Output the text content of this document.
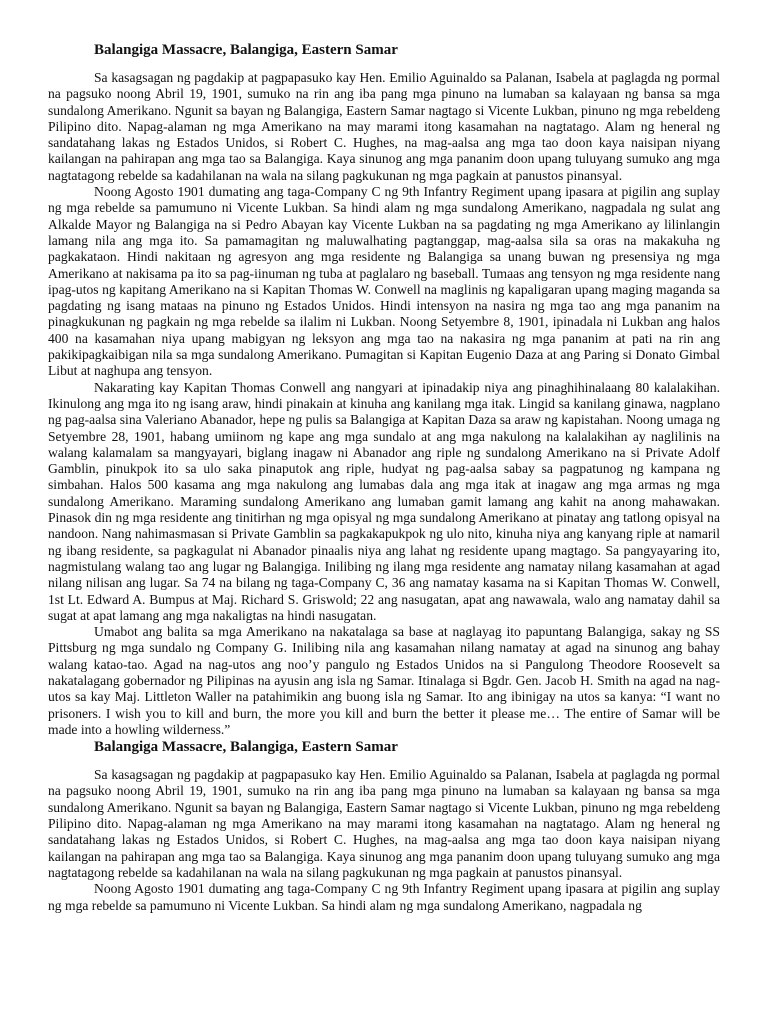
Balangiga Massacre, Balangiga, Eastern Samar

Sa kasagsagan ng pagdakip at pagpapasuko kay Hen. Emilio Aguinaldo sa Palanan, Isabela at paglagda ng pormal na pagsuko noong Abril 19, 1901, sumuko na rin ang iba pang mga pinuno na lumaban sa kalayaan ng bansa sa mga sundalong Amerikano. Ngunit sa bayan ng Balangiga, Eastern Samar nagtago si Vicente Lukban, pinuno ng mga rebeldeng Pilipino dito. Napag-alaman ng mga Amerikano na may marami itong kasamahan na nagtatago. Alam ng heneral ng sandatahang lakas ng Estados Unidos, si Robert C. Hughes, na mag-aalsa ang mga tao doon kaya naisipan niyang kailangan na pahirapan ang mga tao sa Balangiga. Kaya sinunog ang mga pananim doon upang tuluyang sumuko ang mga nagtatagong rebelde sa kadahilanan na wala na silang pagkukunan ng mga pagkain at panustos pinansyal.

Noong Agosto 1901 dumating ang taga-Company C ng 9th Infantry Regiment upang ipasara at pigilin ang suplay ng mga rebelde sa pamumuno ni Vicente Lukban. Sa hindi alam ng mga sundalong Amerikano, nagpadala ng sulat ang Alkalde Mayor ng Balangiga na si Pedro Abayan kay Vicente Lukban na sa pagdating ng mga Amerikano ay lilinlangin lamang nila ang mga ito. Sa pamamagitan ng maluwalhating pagtanggap, mag-aalsa sila sa oras na makakuha ng pagkakataon. Hindi nakitaan ng agresyon ang mga residente ng Balangiga sa unang buwan ng presensiya ng mga Amerikano at nakisama pa ito sa pag-iinuman ng tuba at paglalaro ng baseball. Tumaas ang tensyon ng mga residente nang ipag-utos ng kapitang Amerikano na si Kapitan Thomas W. Conwell na maglinis ng kapaligaran upang maging maganda sa pagdating ng isang mataas na pinuno ng Estados Unidos. Hindi intensyon na nasira ng mga tao ang mga pananim na pinagkukunan ng pagkain ng mga rebelde sa ilalim ni Lukban. Noong Setyembre 8, 1901, ipinadala ni Lukban ang halos 400 na kasamahan niya upang mabigyan ng leksyon ang mga tao na nakasira ng mga pananim at pati na rin ang pakikipagkaibigan nila sa mga sundalong Amerikano. Pumagitan si Kapitan Eugenio Daza at ang Paring si Donato Gimbal Libut at naghupa ang tensyon.

Nakarating kay Kapitan Thomas Conwell ang nangyari at ipinadakip niya ang pinaghihinalaang 80 kalalakihan. Ikinulong ang mga ito ng isang araw, hindi pinakain at kinuha ang kanilang mga itak. Lingid sa kanilang ginawa, nagplano ng pag-aalsa sina Valeriano Abanador, hepe ng pulis sa Balangiga at Kapitan Daza sa araw ng kapistahan. Noong umaga ng Setyembre 28, 1901, habang umiinom ng kape ang mga sundalo at ang mga nakulong na kalalakihan ay naglilinis na walang kalamalam sa mangyayari, biglang inagaw ni Abanador ang riple ng sundalong Amerikano na si Private Adolf Gamblin, pinukpok ito sa ulo saka pinaputok ang riple, hudyat ng pag-aalsa sabay sa pagpatunog ng kampana ng simbahan. Halos 500 kasama ang mga nakulong ang lumabas dala ang mga itak at inagaw ang mga armas ng mga sundalong Amerikano. Maraming sundalong Amerikano ang lumaban gamit lamang ang kahit na anong mahawakan. Pinasok din ng mga residente ang tinitirhan ng mga opisyal ng mga sundalong Amerikano at pinatay ang tatlong opisyal na nandoon. Nang nahimasmasan si Private Gamblin sa pagkakapukpok ng ulo nito, kinuha niya ang kanyang riple at namaril ng ibang residente, sa pagkagulat ni Abanador pinaalis niya ang lahat ng residente upang magtago. Sa pangyayaring ito, nagmistulang walang tao ang lugar ng Balangiga. Inilibing ng ilang mga residente ang namatay nilang kasamahan at agad nilang nilisan ang lugar. Sa 74 na bilang ng taga-Company C, 36 ang namatay kasama na si Kapitan Thomas W. Conwell, 1st Lt. Edward A. Bumpus at Maj. Richard S. Griswold; 22 ang nasugatan, apat ang nawawala, walo ang namatay dahil sa sugat at apat lamang ang mga nakaligtas na hindi nasugatan.

Umabot ang balita sa mga Amerikano na nakatalaga sa base at naglayag ito papuntang Balangiga, sakay ng SS Pittsburg ng mga sundalo ng Company G. Inilibing nila ang kasamahan nilang namatay at agad na sinunog ang bahay walang katao-tao. Agad na nag-utos ang noo’y pangulo ng Estados Unidos na si Pangulong Theodore Roosevelt sa nakatalagang gobernador ng Pilipinas na ayusin ang isla ng Samar. Itinalaga si Bgdr. Gen. Jacob H. Smith na agad na nag-utos sa kay Maj. Littleton Waller na patahimikin ang buong isla ng Samar. Ito ang ibinigay na utos sa kanya: “I want no prisoners. I wish you to kill and burn, the more you kill and burn the better it please me… The entire of Samar will be made into a howling wilderness.”

Balangiga Massacre, Balangiga, Eastern Samar

Sa kasagsagan ng pagdakip at pagpapasuko kay Hen. Emilio Aguinaldo sa Palanan, Isabela at paglagda ng pormal na pagsuko noong Abril 19, 1901, sumuko na rin ang iba pang mga pinuno na lumaban sa kalayaan ng bansa sa mga sundalong Amerikano. Ngunit sa bayan ng Balangiga, Eastern Samar nagtago si Vicente Lukban, pinuno ng mga rebeldeng Pilipino dito. Napag-alaman ng mga Amerikano na may marami itong kasamahan na nagtatago. Alam ng heneral ng sandatahang lakas ng Estados Unidos, si Robert C. Hughes, na mag-aalsa ang mga tao doon kaya naisipan niyang kailangan na pahirapan ang mga tao sa Balangiga. Kaya sinunog ang mga pananim doon upang tuluyang sumuko ang mga nagtatagong rebelde sa kadahilanan na wala na silang pagkukunan ng mga pagkain at panustos pinansyal.

Noong Agosto 1901 dumating ang taga-Company C ng 9th Infantry Regiment upang ipasara at pigilin ang suplay ng mga rebelde sa pamumuno ni Vicente Lukban. Sa hindi alam ng mga sundalong Amerikano, nagpadala ng
